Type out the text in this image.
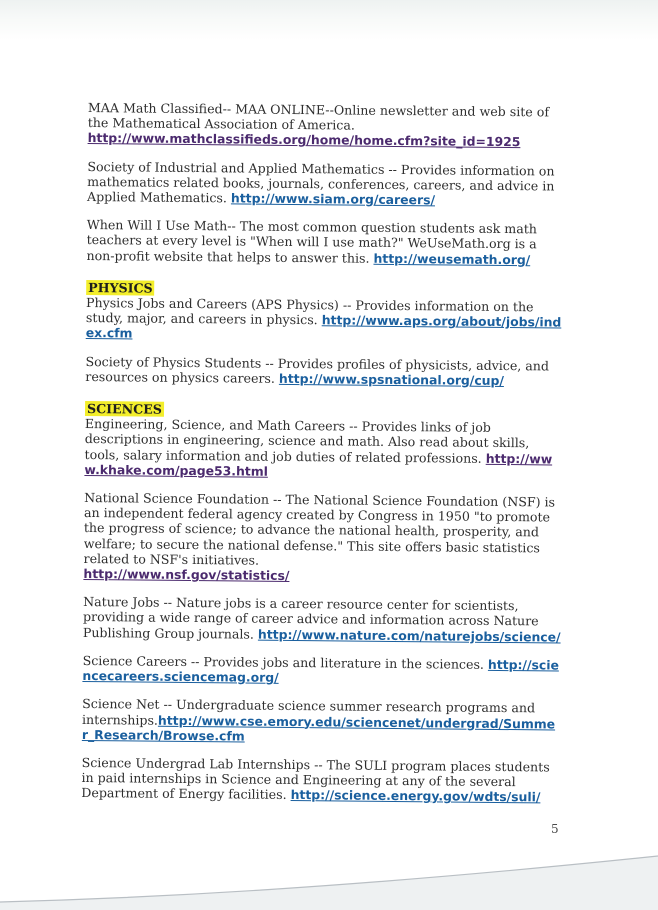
MAA Math Classified-- MAA ONLINE--Online newsletter and web site of the Mathematical Association of America.
http://www.mathclassifieds.org/home/home.cfm?site_id=1925
Society of Industrial and Applied Mathematics -- Provides information on mathematics related books, journals, conferences, careers, and advice in Applied Mathematics. http://www.siam.org/careers/
When Will I Use Math-- The most common question students ask math teachers at every level is "When will I use math?" WeUseMath.org is a non-profit website that helps to answer this. http://weusemath.org/
PHYSICS
Physics Jobs and Careers (APS Physics) -- Provides information on the study, major, and careers in physics. http://www.aps.org/about/jobs/index.cfm
Society of Physics Students -- Provides profiles of physicists, advice, and resources on physics careers. http://www.spsnational.org/cup/
SCIENCES
Engineering, Science, and Math Careers -- Provides links of job descriptions in engineering, science and math. Also read about skills, tools, salary information and job duties of related professions. http://www.khake.com/page53.html
National Science Foundation -- The National Science Foundation (NSF) is an independent federal agency created by Congress in 1950 "to promote the progress of science; to advance the national health, prosperity, and welfare; to secure the national defense." This site offers basic statistics related to NSF's initiatives.
http://www.nsf.gov/statistics/
Nature Jobs -- Nature jobs is a career resource center for scientists, providing a wide range of career advice and information across Nature Publishing Group journals. http://www.nature.com/naturejobs/science/
Science Careers -- Provides jobs and literature in the sciences. http://sciencecareers.sciencemag.org/
Science Net -- Undergraduate science summer research programs and internships.http://www.cse.emory.edu/sciencenet/undergrad/Summer_Research/Browse.cfm
Science Undergrad Lab Internships -- The SULI program places students in paid internships in Science and Engineering at any of the several Department of Energy facilities. http://science.energy.gov/wdts/suli/
5
